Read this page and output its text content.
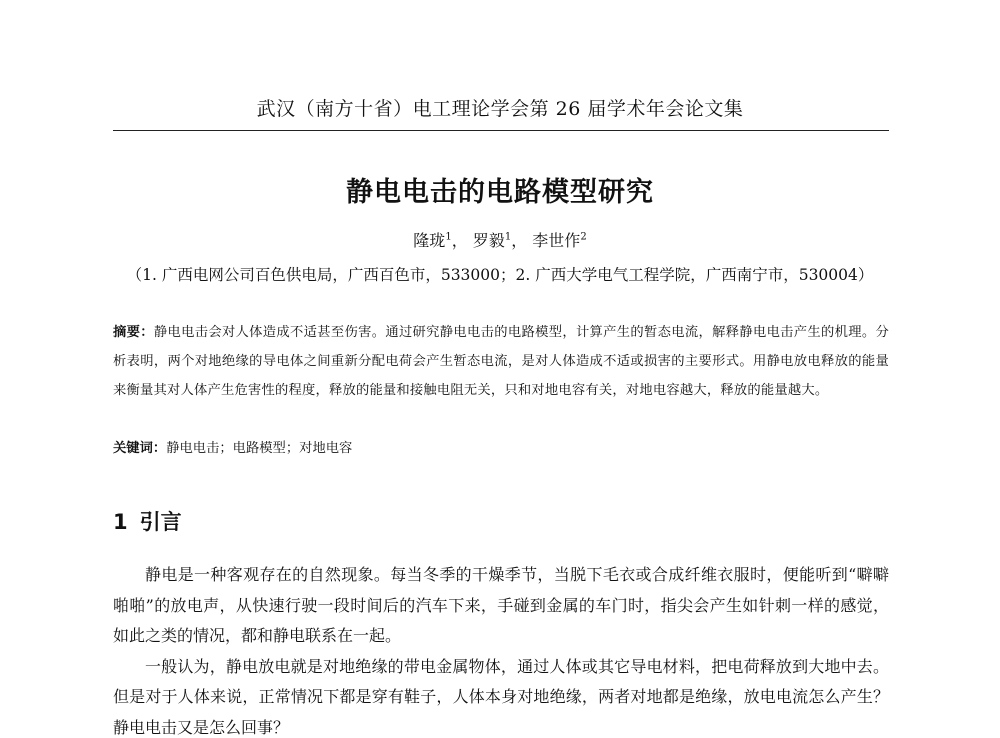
武汉（南方十省）电工理论学会第 26 届学术年会论文集
静电电击的电路模型研究
隆珑$^1$， 罗毅$^1$， 李世作$^2$
（1. 广西电网公司百色供电局，广西百色市，533000；2. 广西大学电气工程学院，广西南宁市，530004）
摘要：静电电击会对人体造成不适甚至伤害。通过研究静电电击的电路模型，计算产生的暂态电流，解释静电电击产生的机理。分析表明，两个对地绝缘的导电体之间重新分配电荷会产生暂态电流，是对人体造成不适或损害的主要形式。用静电放电释放的能量来衡量其对人体产生危害性的程度，释放的能量和接触电阻无关，只和对地电容有关，对地电容越大，释放的能量越大。
关键词：静电电击；电路模型；对地电容
1 引言

静电是一种客观存在的自然现象。每当冬季的干燥季节，当脱下毛衣或合成纤维衣服时，便能听到“噼噼啪啪”的放电声，从快速行驶一段时间后的汽车下来，手碰到金属的车门时，指尖会产生如针刺一样的感觉，如此之类的情况，都和静电联系在一起。

一般认为，静电放电就是对地绝缘的带电金属物体，通过人体或其它导电材料，把电荷释放到大地中去。但是对于人体来说，正常情况下都是穿有鞋子，人体本身对地绝缘，两者对地都是绝缘，放电电流怎么产生？静电电击又是怎么回事？
